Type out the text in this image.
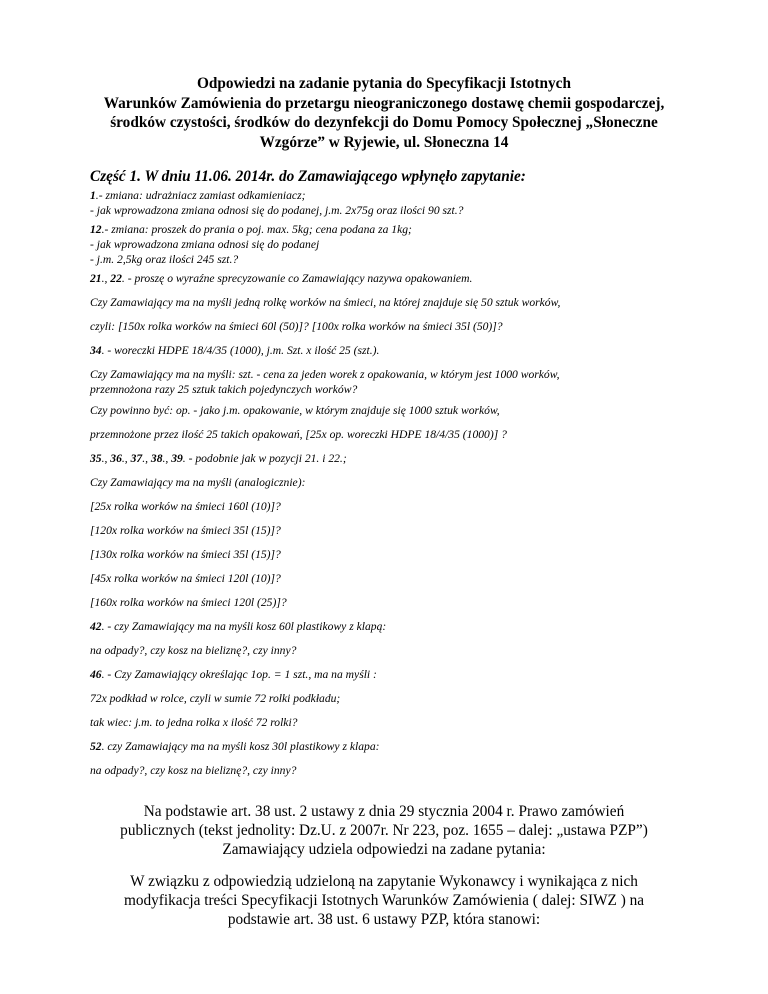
Odpowiedzi na zadanie pytania do Specyfikacji Istotnych
Warunków Zamówienia do przetargu nieograniczonego dostawę chemii gospodarczej,
środków czystości, środków do dezynfekcji do Domu Pomocy Społecznej „Słoneczne
Wzgórze” w Ryjewie, ul. Słoneczna 14
Część 1. W dniu 11.06. 2014r. do Zamawiającego wpłynęło zapytanie:
1.- zmiana: udrażniacz zamiast odkamieniacz;
- jak wprowadzona zmiana odnosi się do podanej, j.m. 2x75g oraz ilości 90 szt.?
12.- zmiana: proszek do prania o poj. max. 5kg; cena podana za 1kg;
- jak wprowadzona zmiana odnosi się do podanej
- j.m. 2,5kg oraz ilości 245 szt.?
21., 22. - proszę o wyraźne sprecyzowanie co Zamawiający nazywa opakowaniem.
Czy Zamawiający ma na myśli jedną rolkę worków na śmieci, na której znajduje się 50 sztuk worków,
czyli: [150x rolka worków na śmieci 60l (50)]? [100x rolka worków na śmieci 35l (50)]?
34. - woreczki HDPE 18/4/35 (1000), j.m. Szt. x ilość 25 (szt.).
Czy Zamawiający ma na myśli: szt. - cena za jeden worek z opakowania, w którym jest 1000 worków,
przemnożona razy 25 sztuk takich pojedynczych worków?
Czy powinno być: op. - jako j.m. opakowanie, w którym znajduje się 1000 sztuk worków,
przemnożone przez ilość 25 takich opakowań, [25x op. woreczki HDPE 18/4/35 (1000)] ?
35., 36., 37., 38., 39. - podobnie jak w pozycji 21. i 22.;
Czy Zamawiający ma na myśli (analogicznie):
[25x rolka worków na śmieci 160l (10)]?
[120x rolka worków na śmieci 35l (15)]?
[130x rolka worków na śmieci 35l (15)]?
[45x rolka worków na śmieci 120l (10)]?
[160x rolka worków na śmieci 120l (25)]?
42. - czy Zamawiający ma na myśli kosz 60l plastikowy z klapą:
na odpady?, czy kosz na bieliznę?, czy inny?
46. - Czy Zamawiający określając 1op. = 1 szt., ma na myśli :
72x podkład w rolce, czyli w sumie 72 rolki podkładu;
tak wiec: j.m. to jedna rolka x ilość 72 rolki?
52. czy Zamawiający ma na myśli kosz 30l plastikowy z klapa:
na odpady?, czy kosz na bieliznę?, czy inny?
Na podstawie art. 38 ust. 2 ustawy z dnia 29 stycznia 2004 r. Prawo zamówień
publicznych (tekst jednolity: Dz.U. z 2007r. Nr 223, poz. 1655 – dalej: „ustawa PZP”)
Zamawiający udziela odpowiedzi na zadane pytania:
W związku z odpowiedzią udzieloną na zapytanie Wykonawcy i wynikająca z nich
modyfikacja treści Specyfikacji Istotnych Warunków Zamówienia ( dalej: SIWZ ) na
podstawie art. 38 ust. 6 ustawy PZP, która stanowi:
